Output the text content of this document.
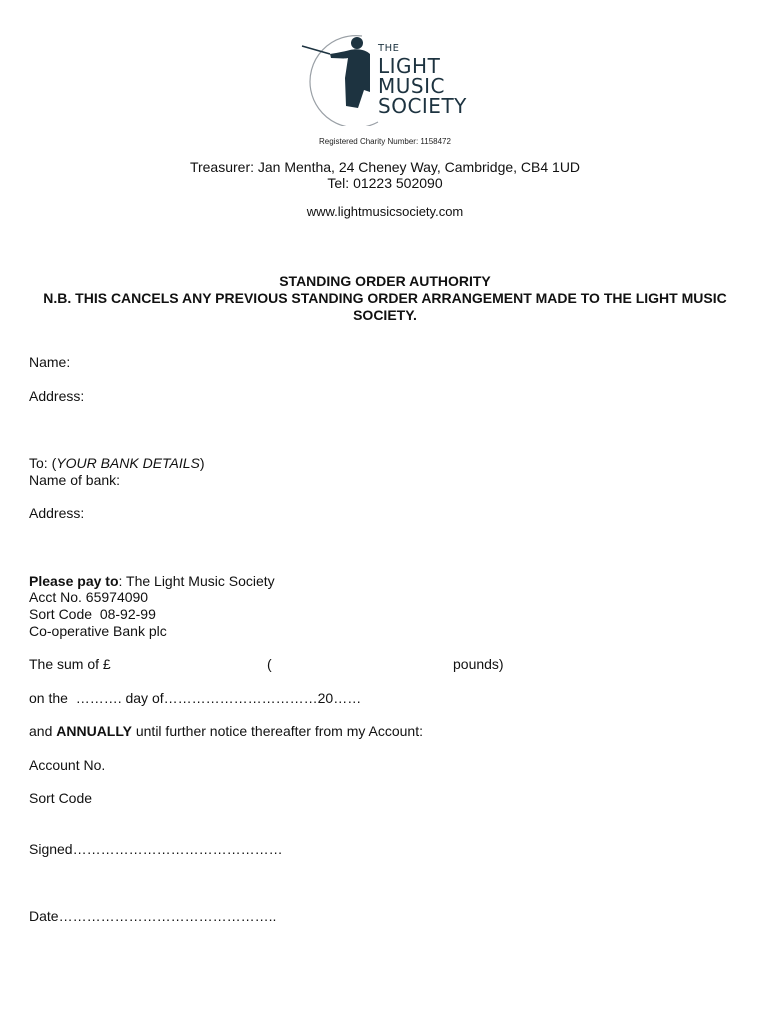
THE
LIGHT
MUSIC
SOCIETY
Registered Charity Number: 1158472
Treasurer: Jan Mentha, 24 Cheney Way, Cambridge, CB4 1UD
Tel: 01223 502090
www.lightmusicsociety.com
STANDING ORDER AUTHORITY
N.B. THIS CANCELS ANY PREVIOUS STANDING ORDER ARRANGEMENT MADE TO THE LIGHT MUSIC SOCIETY.
Name:
Address:
To: (YOUR BANK DETAILS)
Name of bank:
Address:
Please pay to: The Light Music Society
Acct No. 65974090
Sort Code  08-92-99
Co-operative Bank plc
The sum of £	(	pounds)
on the  ………. day of……………………………20……
and ANNUALLY until further notice thereafter from my Account:
Account No.
Sort Code
Signed………………………………………
Date………………………………………..
